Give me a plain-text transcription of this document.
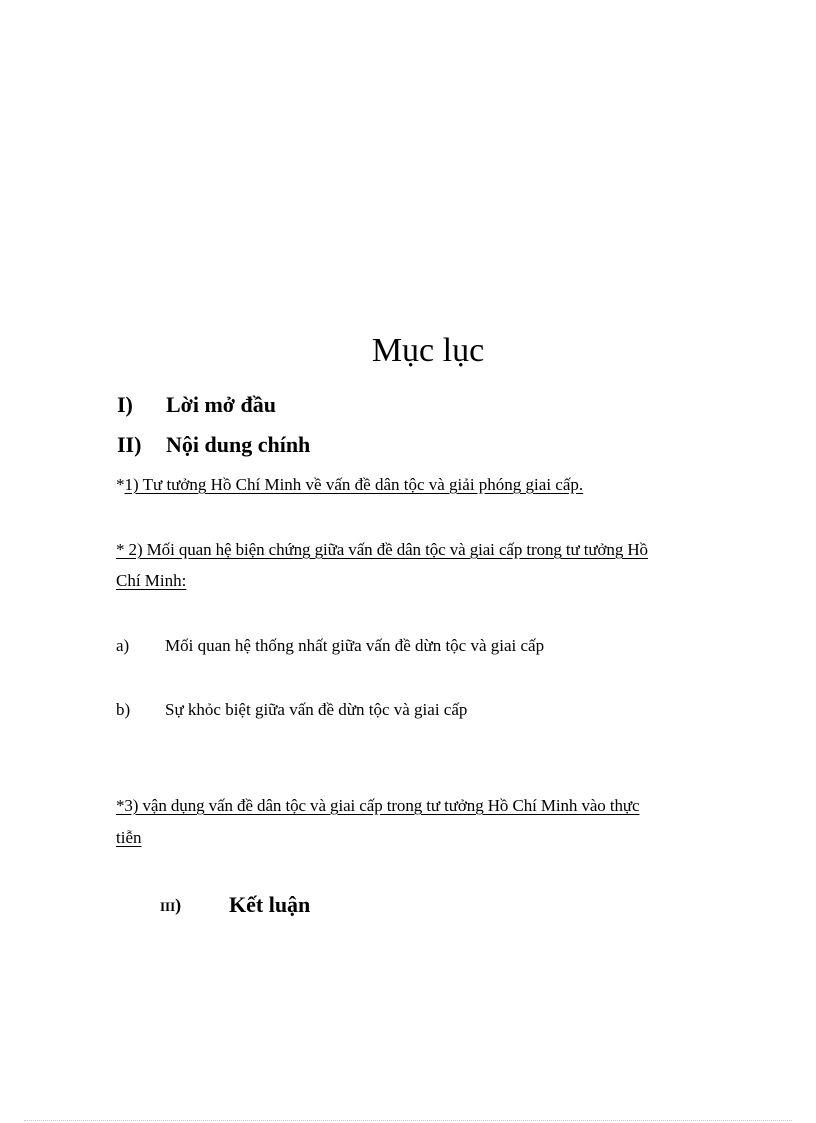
Mục lục
I) Lời mở đầu
II) Nội dung chính
*1) Tư tưởng Hồ Chí Minh về vấn đề dân tộc và giải phóng giai cấp.
* 2) Mối quan hệ biện chứng giữa vấn đề dân tộc và giai cấp trong tư tưởng Hồ
Chí Minh:
a) Mối quan hệ thống nhất giữa vấn đề dừn tộc và giai cấp
b) Sự khỏc biệt giữa vấn đề dừn tộc và giai cấp
*3) vận dụng vấn đề dân tộc và giai cấp trong tư tưởng Hồ Chí Minh vào thực
tiễn
iii) Kết luận
